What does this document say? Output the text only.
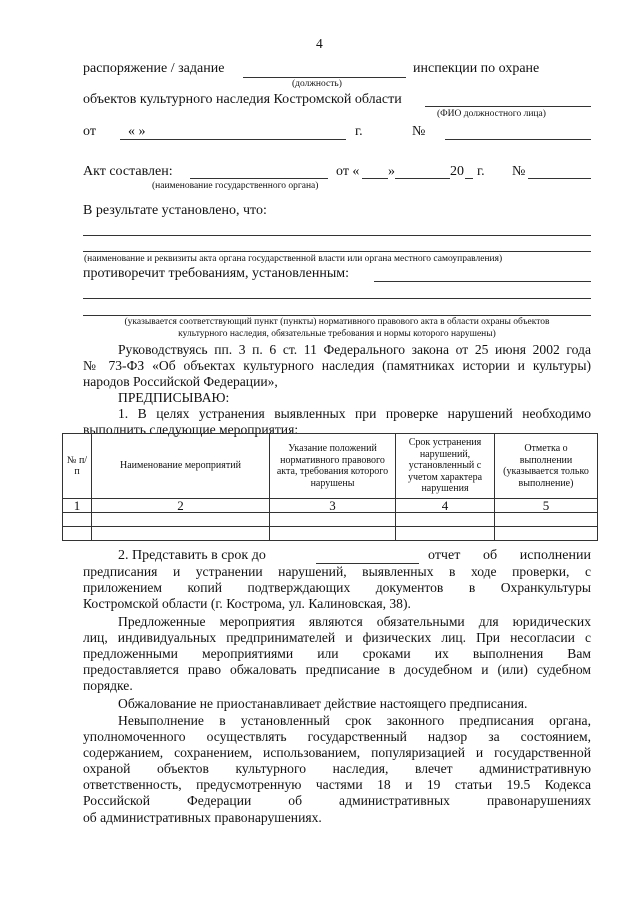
4
распоряжение / задание	инспекции по охране
(должность)
объектов культурного наследия Костромской области
(ФИО должностного лица)
от « »	г.	№
Акт составлен:	от « »	20 г. №
(наименование государственного органа)
В результате установлено, что:
(наименование и реквизиты акта органа государственной власти или органа местного самоуправления)
противоречит требованиям, установленным:
(указывается соответствующий пункт (пункты) нормативного правового акта в области охраны объектов
культурного наследия, обязательные требования и нормы которого нарушены)
Руководствуясь пп. 3 п. 6 ст. 11 Федерального закона от 25 июня 2002 года
№ 73-ФЗ «Об объектах культурного наследия (памятниках истории и культуры)
народов Российской Федерации»,
ПРЕДПИСЫВАЮ:
1. В целях устранения выявленных при проверке нарушений необходимо
выполнить следующие мероприятия:
№ п/п	Наименование мероприятий	Указание положений нормативного правового акта, требования которого нарушены	Срок устранения нарушений, установленный с учетом характера нарушения	Отметка о выполнении (указывается только выполнение)
1	2	3	4	5

2. Представить в срок до	отчет об исполнении
предписания и устранении нарушений, выявленных в ходе проверки, с
приложением копий подтверждающих документов в Охранкультуры
Костромской области (г. Кострома, ул. Калиновская, 38).
Предложенные мероприятия являются обязательными для юридических
лиц, индивидуальных предпринимателей и физических лиц. При несогласии с
предложенными мероприятиями или сроками их выполнения Вам
предоставляется право обжаловать предписание в досудебном и (или) судебном
порядке.
Обжалование не приостанавливает действие настоящего предписания.
Невыполнение в установленный срок законного предписания органа,
уполномоченного осуществлять государственный надзор за состоянием,
содержанием, сохранением, использованием, популяризацией и государственной
охраной объектов культурного наследия, влечет административную
ответственность, предусмотренную частями 18 и 19 статьи 19.5 Кодекса
Российской Федерации об административных правонарушениях
об административных правонарушениях.
